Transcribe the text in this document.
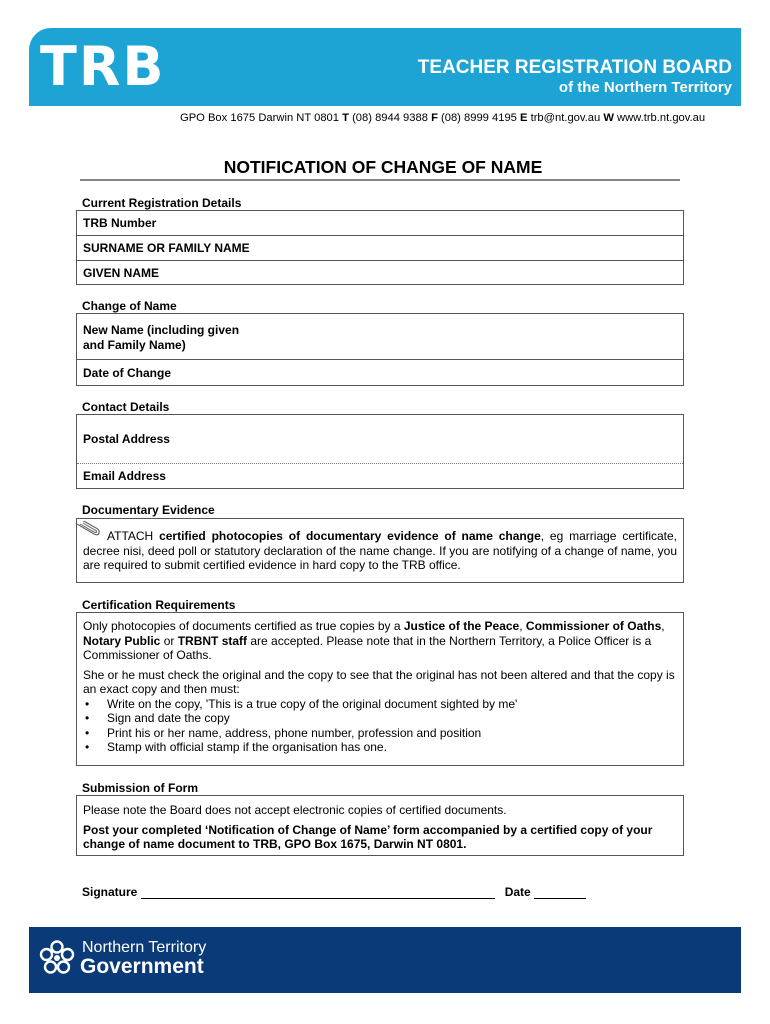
TRB	TEACHER REGISTRATION BOARD
of the Northern Territory
GPO Box 1675 Darwin NT 0801 T (08) 8944 9388 F (08) 8999 4195 E trb@nt.gov.au W www.trb.nt.gov.au
NOTIFICATION OF CHANGE OF NAME
Current Registration Details
TRB Number
SURNAME OR FAMILY NAME
GIVEN NAME
Change of Name
New Name (including given
and Family Name)
Date of Change
Contact Details
Postal Address
Email Address
Documentary Evidence
ATTACH certified photocopies of documentary evidence of name change, eg marriage certificate, decree nisi, deed poll or statutory declaration of the name change. If you are notifying of a change of name, you are required to submit certified evidence in hard copy to the TRB office.
Certification Requirements
Only photocopies of documents certified as true copies by a Justice of the Peace, Commissioner of Oaths, Notary Public or TRBNT staff are accepted. Please note that in the Northern Territory, a Police Officer is a Commissioner of Oaths.
She or he must check the original and the copy to see that the original has not been altered and that the copy is an exact copy and then must:
• Write on the copy, 'This is a true copy of the original document sighted by me'
• Sign and date the copy
• Print his or her name, address, phone number, profession and position
• Stamp with official stamp if the organisation has one.
Submission of Form
Please note the Board does not accept electronic copies of certified documents.
Post your completed ‘Notification of Change of Name’ form accompanied by a certified copy of your change of name document to TRB, GPO Box 1675, Darwin NT 0801.
Signature	Date
Northern Territory
Government
